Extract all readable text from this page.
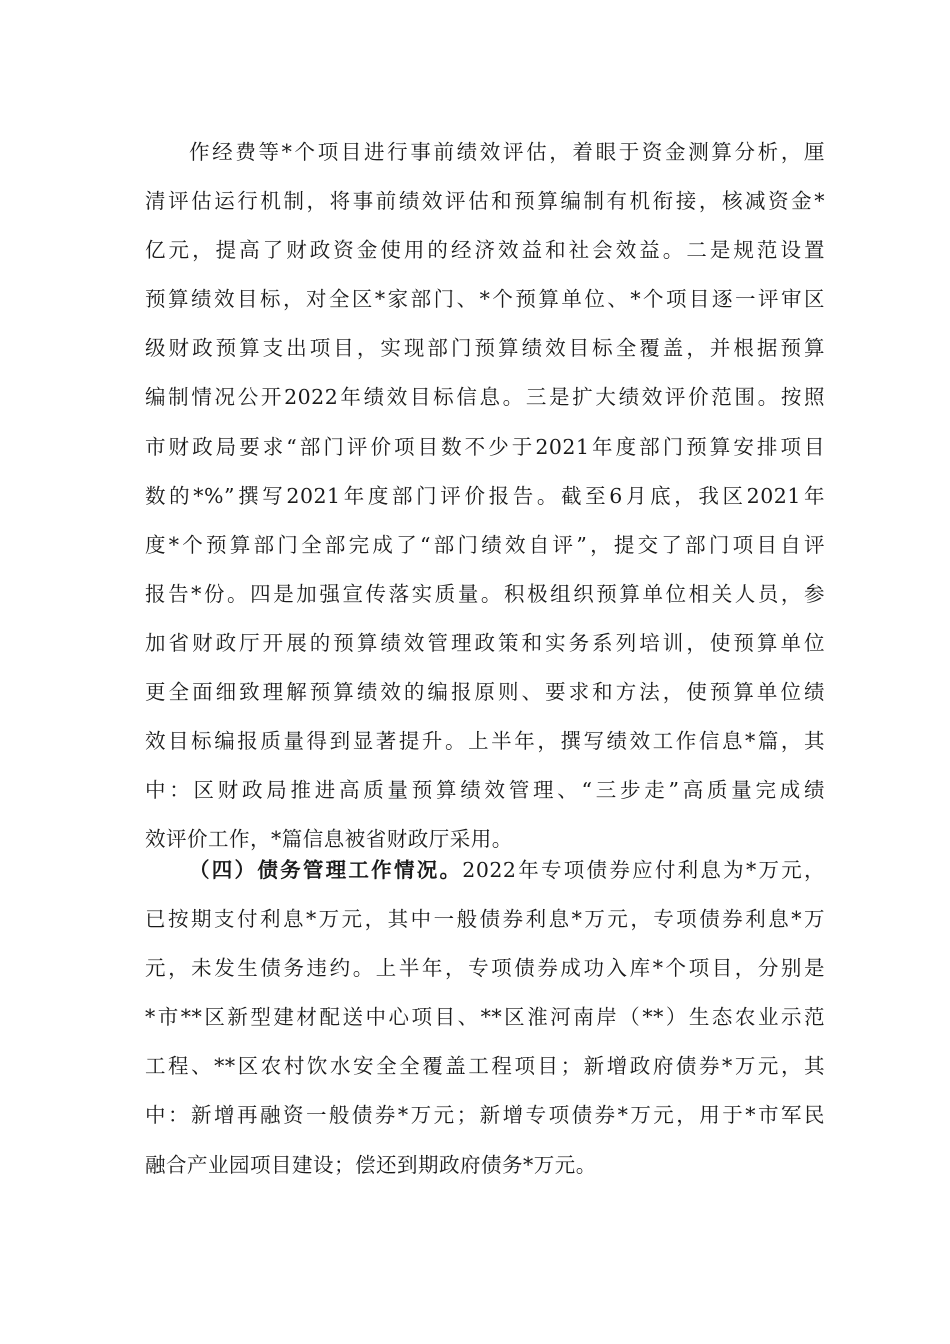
作经费等*个项目进行事前绩效评估，着眼于资金测算分析，厘
清评估运行机制，将事前绩效评估和预算编制有机衔接，核减资金*
亿元，提高了财政资金使用的经济效益和社会效益。二是规范设置
预算绩效目标，对全区*家部门、*个预算单位、*个项目逐一评审区
级财政预算支出项目，实现部门预算绩效目标全覆盖，并根据预算
编制情况公开2022年绩效目标信息。三是扩大绩效评价范围。按照
市财政局要求“部门评价项目数不少于2021年度部门预算安排项目
数的*%”撰写2021年度部门评价报告。截至6月底，我区2021年
度*个预算部门全部完成了“部门绩效自评”，提交了部门项目自评
报告*份。四是加强宣传落实质量。积极组织预算单位相关人员，参
加省财政厅开展的预算绩效管理政策和实务系列培训，使预算单位
更全面细致理解预算绩效的编报原则、要求和方法，使预算单位绩
效目标编报质量得到显著提升。上半年，撰写绩效工作信息*篇，其
中：区财政局推进高质量预算绩效管理、“三步走”高质量完成绩
效评价工作，*篇信息被省财政厅采用。
（四）债务管理工作情况。2022年专项债券应付利息为*万元，
已按期支付利息*万元，其中一般债券利息*万元，专项债券利息*万
元，未发生债务违约。上半年，专项债券成功入库*个项目，分别是
*市**区新型建材配送中心项目、**区淮河南岸（**）生态农业示范
工程、**区农村饮水安全全覆盖工程项目；新增政府债券*万元，其
中：新增再融资一般债券*万元；新增专项债券*万元，用于*市军民
融合产业园项目建设；偿还到期政府债务*万元。
